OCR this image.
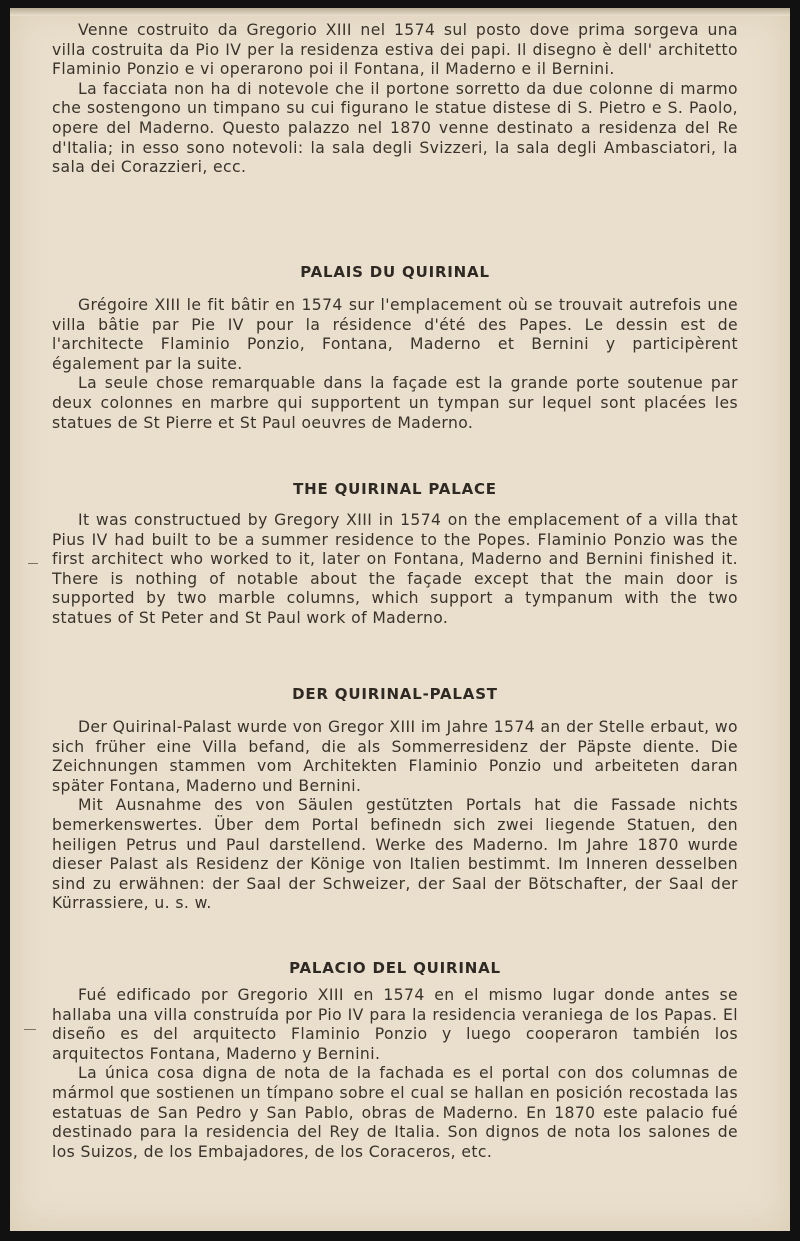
Venne costruito da Gregorio XIII nel 1574 sul posto dove prima sorgeva una villa costruita da Pio IV per la residenza estiva dei papi. Il disegno è dell' architetto Flaminio Ponzio e vi operarono poi il Fontana, il Maderno e il Bernini.

La facciata non ha di notevole che il portone sorretto da due colonne di marmo che sostengono un timpano su cui figurano le statue distese di S. Pietro e S. Paolo, opere del Maderno. Questo palazzo nel 1870 venne destinato a residenza del Re d'Italia; in esso sono notevoli: la sala degli Svizzeri, la sala degli Ambasciatori, la sala dei Corazzieri, ecc.

PALAIS DU QUIRINAL

Grégoire XIII le fit bâtir en 1574 sur l'emplacement où se trouvait autrefois une villa bâtie par Pie IV pour la résidence d'été des Papes. Le dessin est de l'architecte Flaminio Ponzio, Fontana, Maderno et Bernini y participèrent également par la suite.

La seule chose remarquable dans la façade est la grande porte soutenue par deux colonnes en marbre qui supportent un tympan sur lequel sont placées les statues de St Pierre et St Paul oeuvres de Maderno.

THE QUIRINAL PALACE

It was constructued by Gregory XIII in 1574 on the emplacement of a villa that Pius IV had built to be a summer residence to the Popes. Flaminio Ponzio was the first architect who worked to it, later on Fontana, Maderno and Bernini finished it. There is nothing of notable about the façade except that the main door is supported by two marble columns, which support a tympanum with the two statues of St Peter and St Paul work of Maderno.

DER QUIRINAL-PALAST

Der Quirinal-Palast wurde von Gregor XIII im Jahre 1574 an der Stelle erbaut, wo sich früher eine Villa befand, die als Sommerresidenz der Päpste diente. Die Zeichnungen stammen vom Architekten Flaminio Ponzio und arbeiteten daran später Fontana, Maderno und Bernini.

Mit Ausnahme des von Säulen gestützten Portals hat die Fassade nichts bemerkenswertes. Über dem Portal befinedn sich zwei liegende Statuen, den heiligen Petrus und Paul darstellend. Werke des Maderno. Im Jahre 1870 wurde dieser Palast als Residenz der Könige von Italien bestimmt. Im Inneren desselben sind zu erwähnen: der Saal der Schweizer, der Saal der Bötschafter, der Saal der Kürrassiere, u. s. w.

PALACIO DEL QUIRINAL

Fué edificado por Gregorio XIII en 1574 en el mismo lugar donde antes se hallaba una villa construída por Pio IV para la residencia veraniega de los Papas. El diseño es del arquitecto Flaminio Ponzio y luego cooperaron también los arquitectos Fontana, Maderno y Bernini.

La única cosa digna de nota de la fachada es el portal con dos columnas de mármol que sostienen un tímpano sobre el cual se hallan en posición recostada las estatuas de San Pedro y San Pablo, obras de Maderno. En 1870 este palacio fué destinado para la residencia del Rey de Italia. Son dignos de nota los salones de los Suizos, de los Embajadores, de los Coraceros, etc.
